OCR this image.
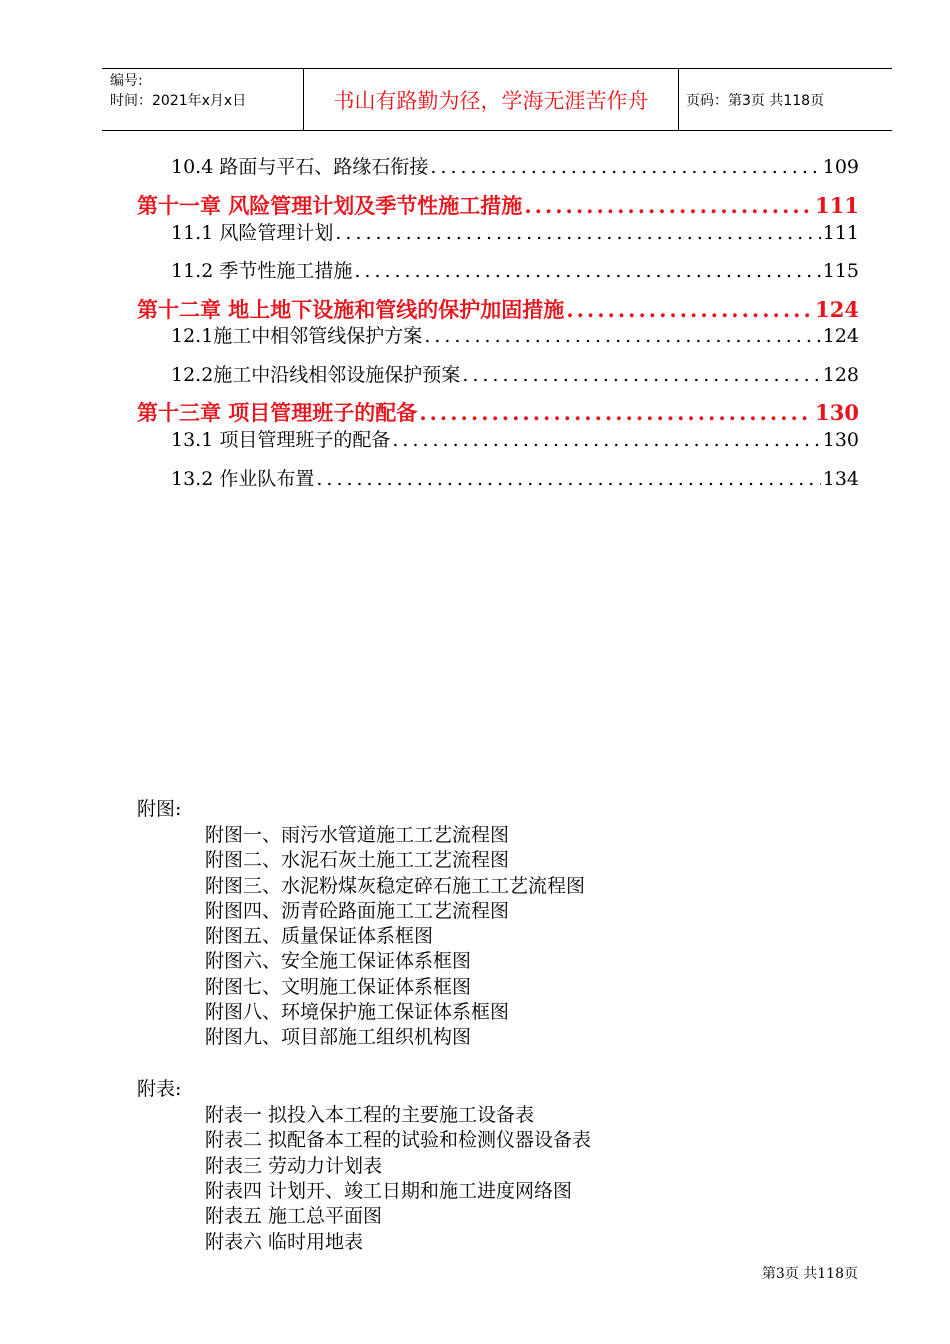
编号:
时间：2021年x月x日	书山有路勤为径，学海无涯苦作舟	页码：第3页 共118页
10.4 路面与平石、路缘石衔接 .....	109
第十一章 风险管理计划及季节性施工措施 .....	111
11.1 风险管理计划 .....	111
11.2 季节性施工措施 .....	115
第十二章 地上地下设施和管线的保护加固措施 .....	124
12.1施工中相邻管线保护方案 .....	124
12.2施工中沿线相邻设施保护预案 .....	128
第十三章 项目管理班子的配备 .....	130
13.1 项目管理班子的配备 .....	130
13.2 作业队布置 .....	134
附图:
附图一、雨污水管道施工工艺流程图
附图二、水泥石灰土施工工艺流程图
附图三、水泥粉煤灰稳定碎石施工工艺流程图
附图四、沥青砼路面施工工艺流程图
附图五、质量保证体系框图
附图六、安全施工保证体系框图
附图七、文明施工保证体系框图
附图八、环境保护施工保证体系框图
附图九、项目部施工组织机构图
附表:
附表一 拟投入本工程的主要施工设备表
附表二 拟配备本工程的试验和检测仪器设备表
附表三 劳动力计划表
附表四 计划开、竣工日期和施工进度网络图
附表五 施工总平面图
附表六 临时用地表
第3页 共118页
